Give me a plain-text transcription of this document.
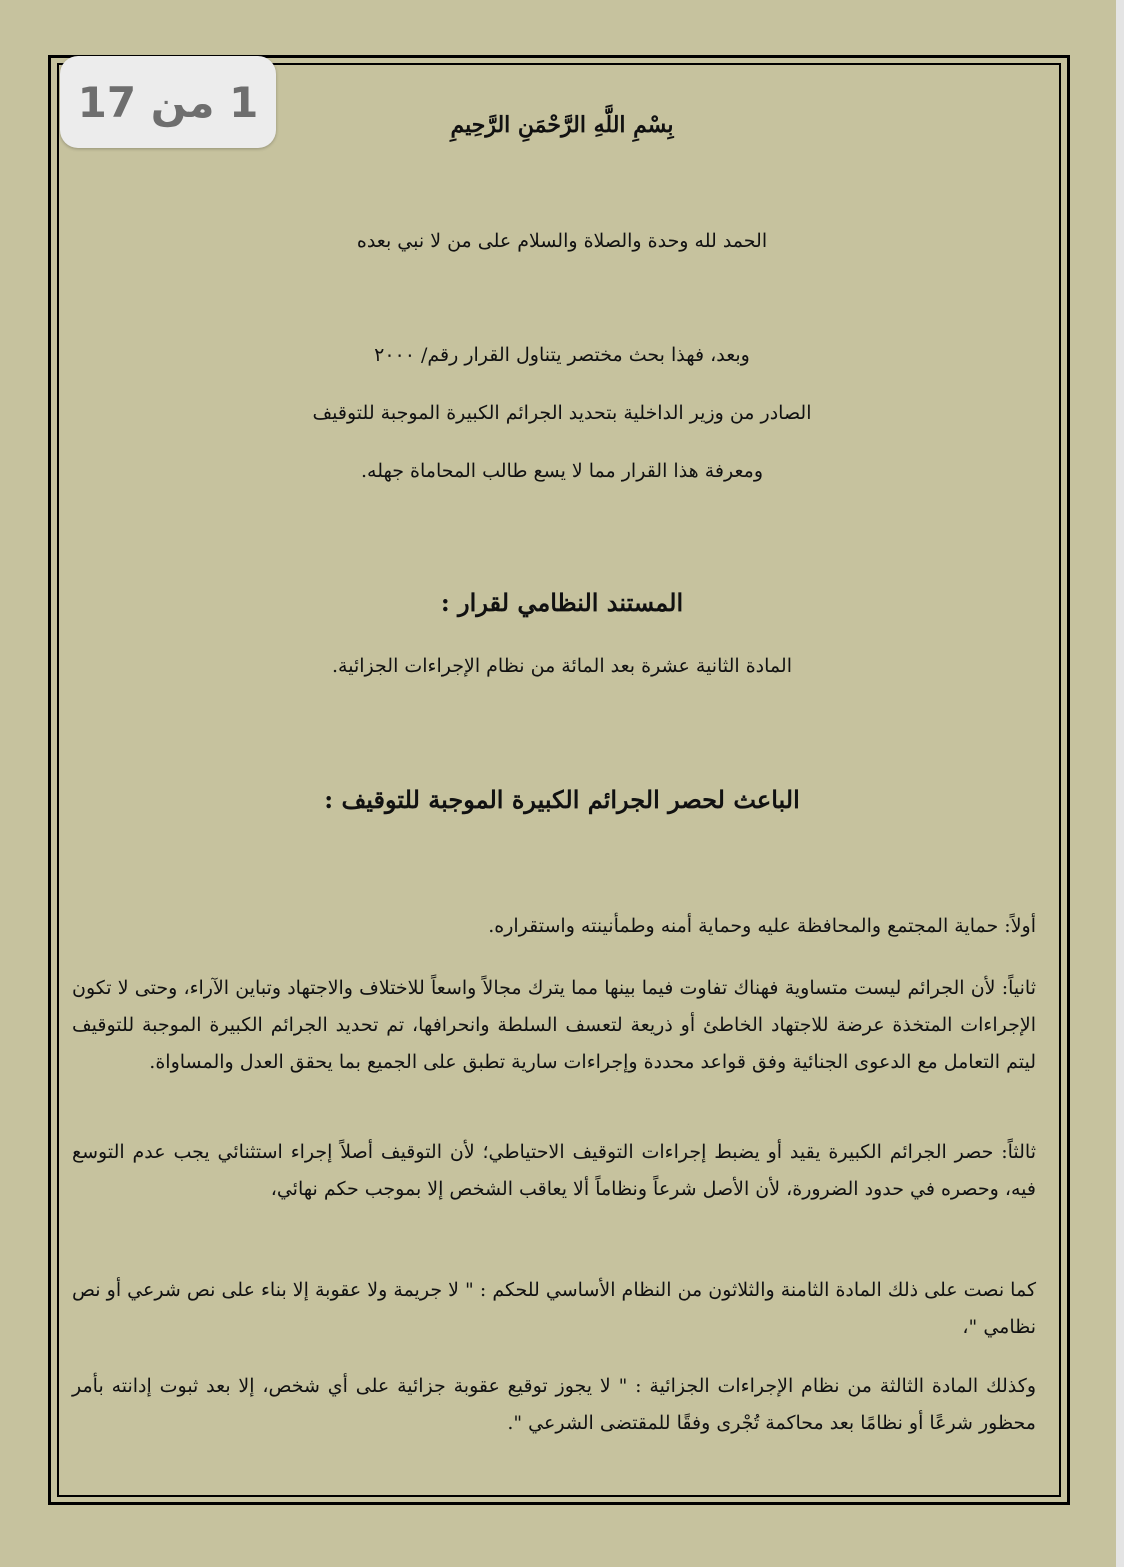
بِسْمِ اللَّهِ الرَّحْمَنِ الرَّحِيمِ
الحمد لله وحدة والصلاة والسلام على من لا نبي بعده
وبعد، فهذا بحث مختصر يتناول القرار رقم/ ٢٠٠٠
الصادر من وزير الداخلية بتحديد الجرائم الكبيرة الموجبة للتوقيف
ومعرفة هذا القرار مما لا يسع طالب المحاماة جهله.
المستند النظامي لقرار :
المادة الثانية عشرة بعد المائة من نظام الإجراءات الجزائية.
الباعث لحصر الجرائم الكبيرة الموجبة للتوقيف :
أولاً: حماية المجتمع والمحافظة عليه وحماية أمنه وطمأنينته واستقراره.
ثانياً: لأن الجرائم ليست متساوية فهناك تفاوت فيما بينها مما يترك مجالاً واسعاً للاختلاف والاجتهاد وتباين الآراء، وحتى لا تكون الإجراءات المتخذة عرضة للاجتهاد الخاطئ أو ذريعة لتعسف السلطة وانحرافها، تم تحديد الجرائم الكبيرة الموجبة للتوقيف ليتم التعامل مع الدعوى الجنائية وفق قواعد محددة وإجراءات سارية تطبق على الجميع بما يحقق العدل والمساواة.
ثالثاً: حصر الجرائم الكبيرة يقيد أو يضبط إجراءات التوقيف الاحتياطي؛ لأن التوقيف أصلاً إجراء استثنائي يجب عدم التوسع فيه، وحصره في حدود الضرورة، لأن الأصل شرعاً ونظاماً ألا يعاقب الشخص إلا بموجب حكم نهائي،
كما نصت على ذلك المادة الثامنة والثلاثون من النظام الأساسي للحكم : " لا جريمة ولا عقوبة إلا بناء على نص شرعي أو نص نظامي "،
وكذلك المادة الثالثة من نظام الإجراءات الجزائية : " لا يجوز توقيع عقوبة جزائية على أي شخص، إلا بعد ثبوت إدانته بأمر محظور شرعًا أو نظامًا بعد محاكمة تُجْرى وفقًا للمقتضى الشرعي ".
1 من 17
